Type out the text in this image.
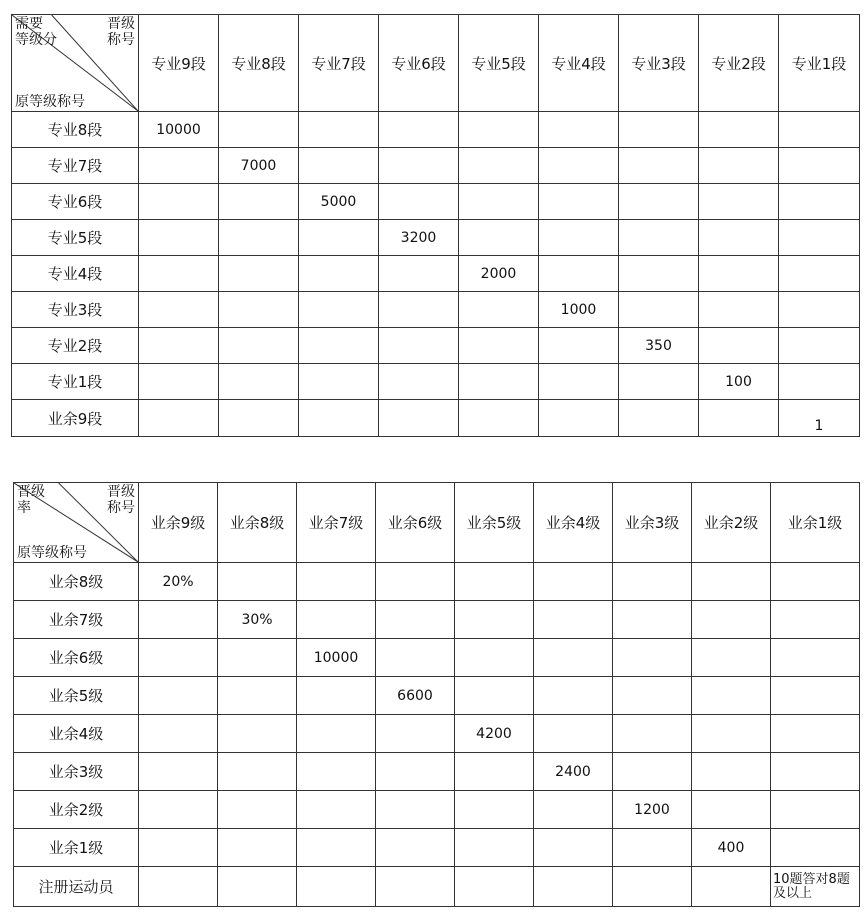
需要
等级分
晋级
称号
原等级称号	专业9段	专业8段	专业7段	专业6段	专业5段	专业4段	专业3段	专业2段	专业1段
专业8段	10000								
专业7段		7000							
专业6段			5000						
专业5段				3200					
专业4段					2000				
专业3段						1000			
专业2段							350		
专业1段								100	
业余9段									1
晋级
率
晋级
称号
原等级称号	业余9级	业余8级	业余7级	业余6级	业余5级	业余4级	业余3级	业余2级	业余1级
业余8级	20%								
业余7级		30%							
业余6级			10000						
业余5级				6600					
业余4级					4200				
业余3级						2400			
业余2级							1200		
业余1级								400	
注册运动员									10题答对8题及以上
